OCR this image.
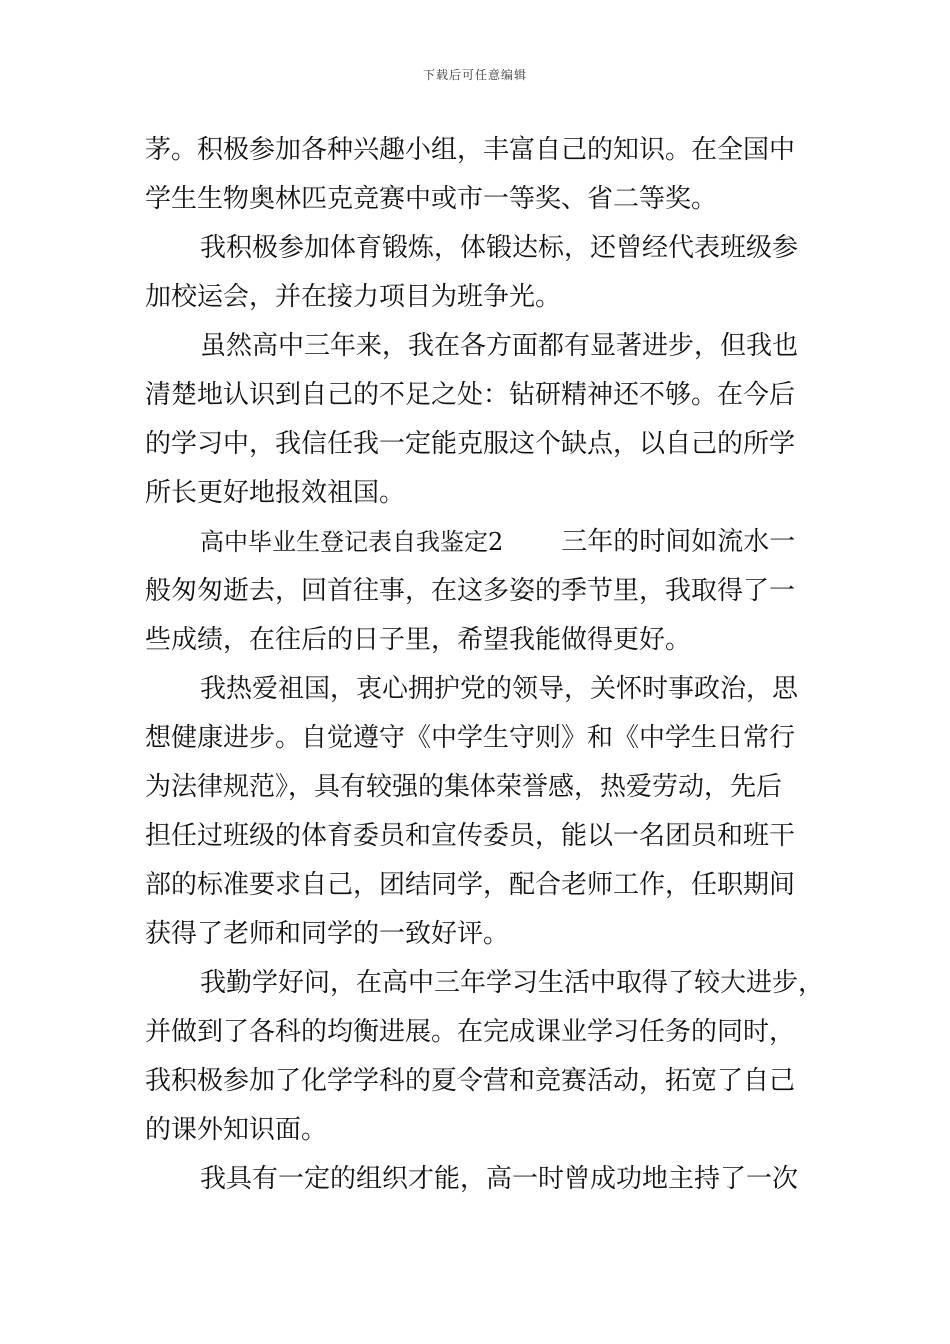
下载后可任意编辑
茅。积极参加各种兴趣小组，丰富自己的知识。在全国中
学生生物奥林匹克竞赛中或市一等奖、省二等奖。
我积极参加体育锻炼，体锻达标，还曾经代表班级参
加校运会，并在接力项目为班争光。
虽然高中三年来，我在各方面都有显著进步，但我也
清楚地认识到自己的不足之处：钻研精神还不够。在今后
的学习中，我信任我一定能克服这个缺点，以自己的所学
所长更好地报效祖国。
高中毕业生登记表自我鉴定2 三年的时间如流水一
般匆匆逝去，回首往事，在这多姿的季节里，我取得了一
些成绩，在往后的日子里，希望我能做得更好。
我热爱祖国，衷心拥护党的领导，关怀时事政治，思
想健康进步。自觉遵守《中学生守则》和《中学生日常行
为法律规范》，具有较强的集体荣誉感，热爱劳动，先后
担任过班级的体育委员和宣传委员，能以一名团员和班干
部的标准要求自己，团结同学，配合老师工作，任职期间
获得了老师和同学的一致好评。
我勤学好问，在高中三年学习生活中取得了较大进步，
并做到了各科的均衡进展。在完成课业学习任务的同时，
我积极参加了化学学科的夏令营和竞赛活动，拓宽了自己
的课外知识面。
我具有一定的组织才能，高一时曾成功地主持了一次
